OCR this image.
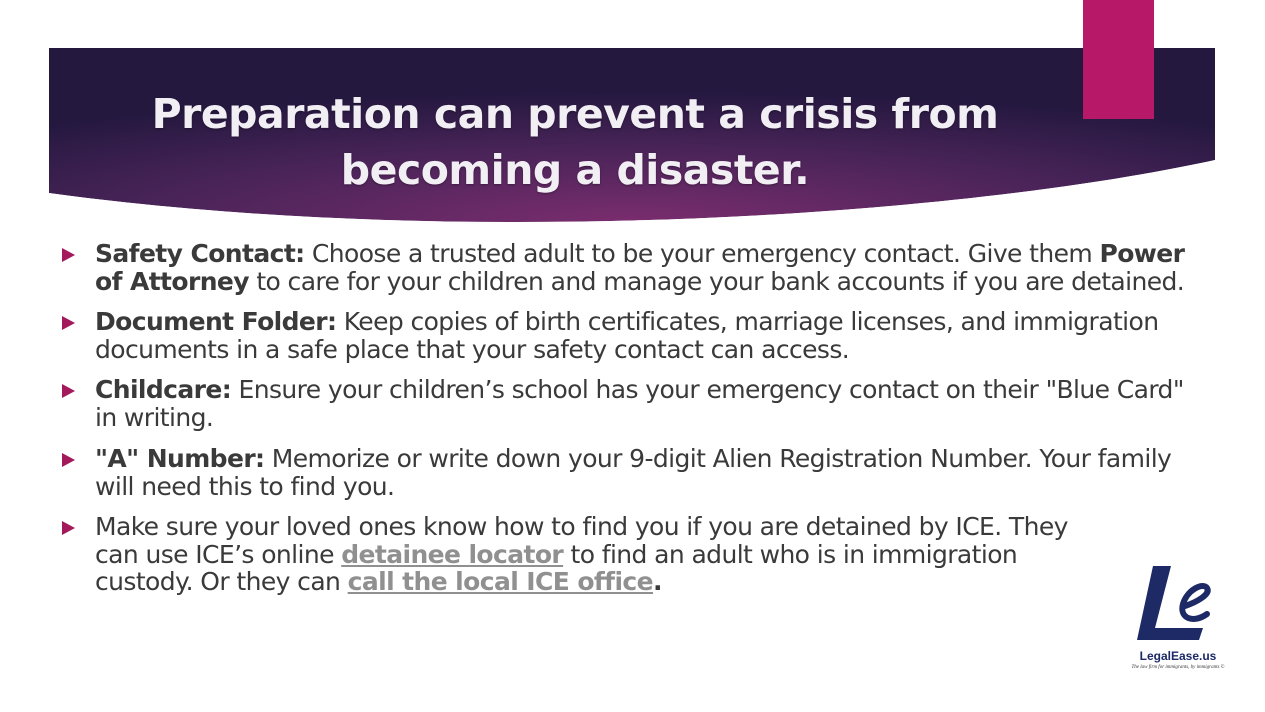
Preparation can prevent a crisis from
becoming a disaster.
Safety Contact: Choose a trusted adult to be your emergency contact. Give them Power of Attorney to care for your children and manage your bank accounts if you are detained.
Document Folder: Keep copies of birth certificates, marriage licenses, and immigration documents in a safe place that your safety contact can access.
Childcare: Ensure your children’s school has your emergency contact on their "Blue Card" in writing.
"A" Number: Memorize or write down your 9-digit Alien Registration Number. Your family will need this to find you.
Make sure your loved ones know how to find you if you are detained by ICE. They can use ICE’s online detainee locator to find an adult who is in immigration custody. Or they can call the local ICE office.

LegalEase.us

The law firm for immigrants, by immigrants ©
